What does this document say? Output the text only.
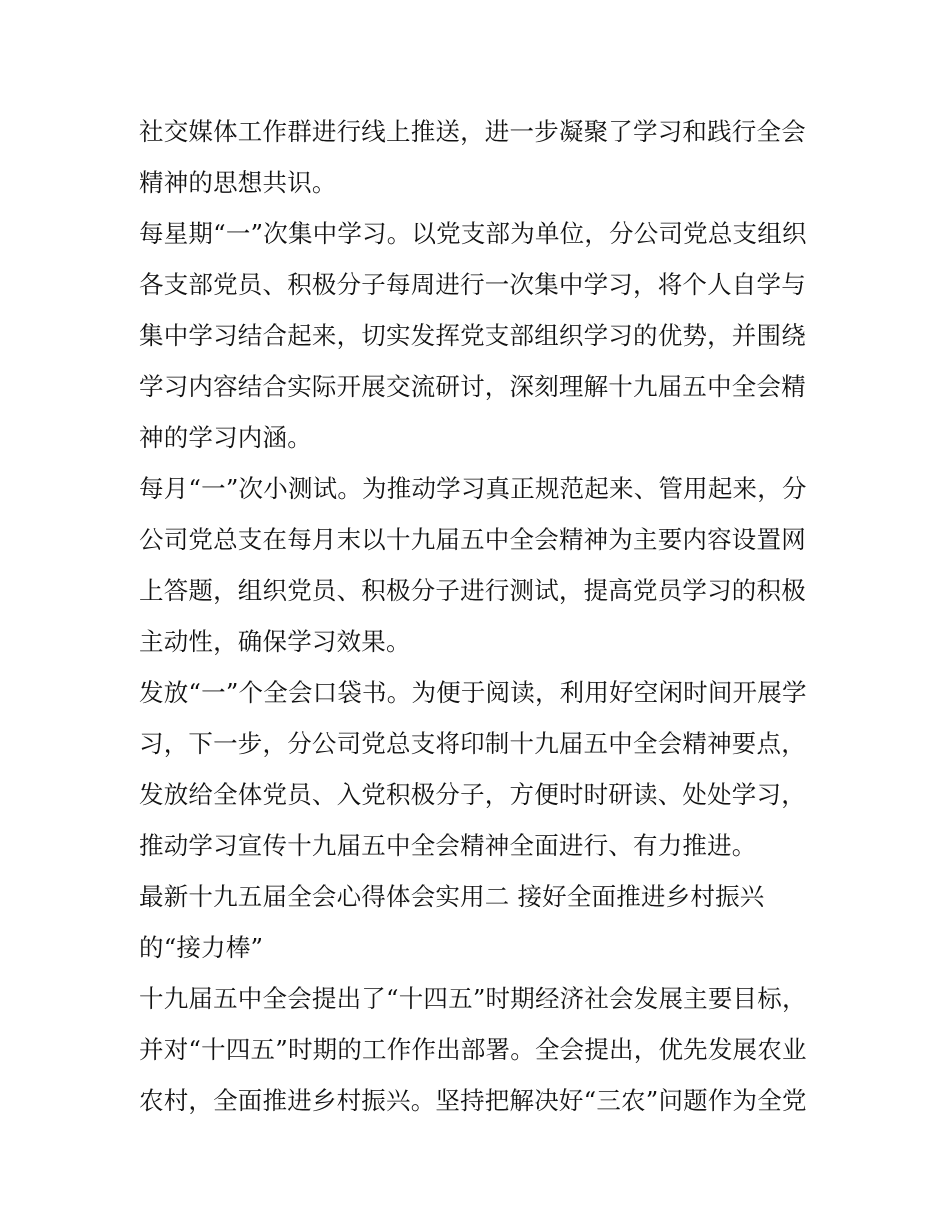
社交媒体工作群进行线上推送，进一步凝聚了学习和践行全会
精神的思想共识。
每星期“一”次集中学习。以党支部为单位，分公司党总支组织
各支部党员、积极分子每周进行一次集中学习，将个人自学与
集中学习结合起来，切实发挥党支部组织学习的优势，并围绕
学习内容结合实际开展交流研讨，深刻理解十九届五中全会精
神的学习内涵。
每月“一”次小测试。为推动学习真正规范起来、管用起来，分
公司党总支在每月末以十九届五中全会精神为主要内容设置网
上答题，组织党员、积极分子进行测试，提高党员学习的积极
主动性，确保学习效果。
发放“一”个全会口袋书。为便于阅读，利用好空闲时间开展学
习，下一步，分公司党总支将印制十九届五中全会精神要点，
发放给全体党员、入党积极分子，方便时时研读、处处学习，
推动学习宣传十九届五中全会精神全面进行、有力推进。
最新十九五届全会心得体会实用二 接好全面推进乡村振兴
的“接力棒”
十九届五中全会提出了“十四五”时期经济社会发展主要目标，
并对“十四五”时期的工作作出部署。全会提出，优先发展农业
农村，全面推进乡村振兴。坚持把解决好“三农”问题作为全党
